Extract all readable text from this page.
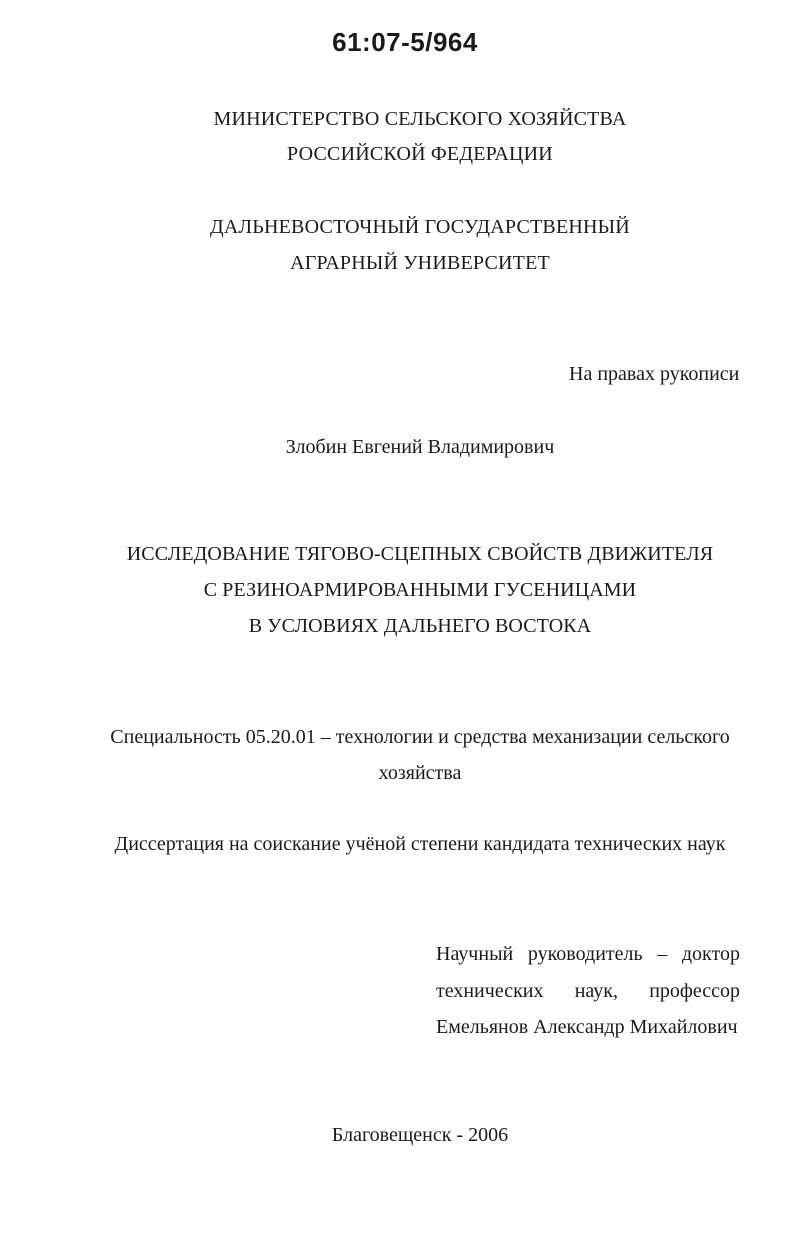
61:07-5/964
МИНИСТЕРСТВО СЕЛЬСКОГО ХОЗЯЙСТВА
РОССИЙСКОЙ ФЕДЕРАЦИИ
ДАЛЬНЕВОСТОЧНЫЙ ГОСУДАРСТВЕННЫЙ
АГРАРНЫЙ УНИВЕРСИТЕТ
На правах рукописи
Злобин Евгений Владимирович
ИССЛЕДОВАНИЕ ТЯГОВО-СЦЕПНЫХ СВОЙСТВ ДВИЖИТЕЛЯ
С РЕЗИНОАРМИРОВАННЫМИ ГУСЕНИЦАМИ
В УСЛОВИЯХ ДАЛЬНЕГО ВОСТОКА
Специальность 05.20.01 – технологии и средства механизации сельского
хозяйства
Диссертация на соискание учёной степени кандидата технических наук
Научный руководитель – доктор
технических наук, профессор
Емельянов Александр Михайлович
Благовещенск - 2006
